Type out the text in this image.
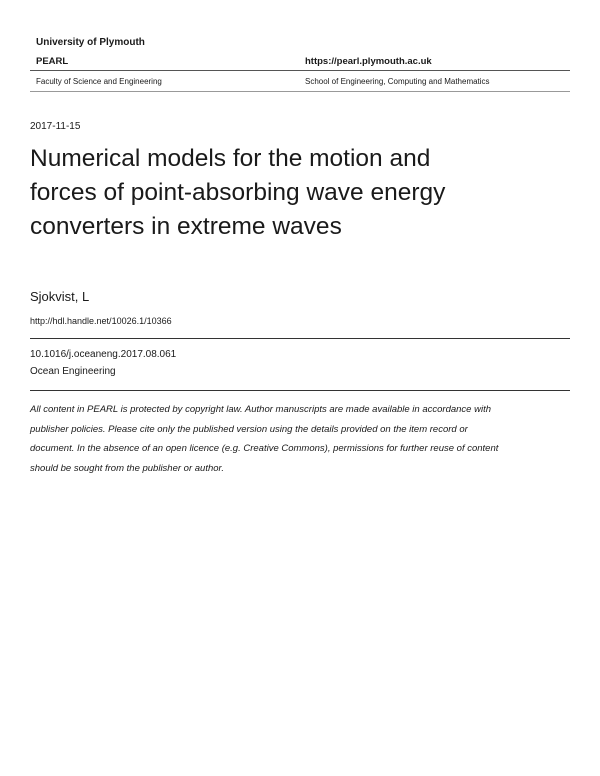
University of Plymouth
PEARL	https://pearl.plymouth.ac.uk
Faculty of Science and Engineering	School of Engineering, Computing and Mathematics
2017-11-15
Numerical models for the motion and
forces of point-absorbing wave energy
converters in extreme waves
Sjokvist, L
http://hdl.handle.net/10026.1/10366
10.1016/j.oceaneng.2017.08.061
Ocean Engineering
All content in PEARL is protected by copyright law. Author manuscripts are made available in accordance with
publisher policies. Please cite only the published version using the details provided on the item record or
document. In the absence of an open licence (e.g. Creative Commons), permissions for further reuse of content
should be sought from the publisher or author.
